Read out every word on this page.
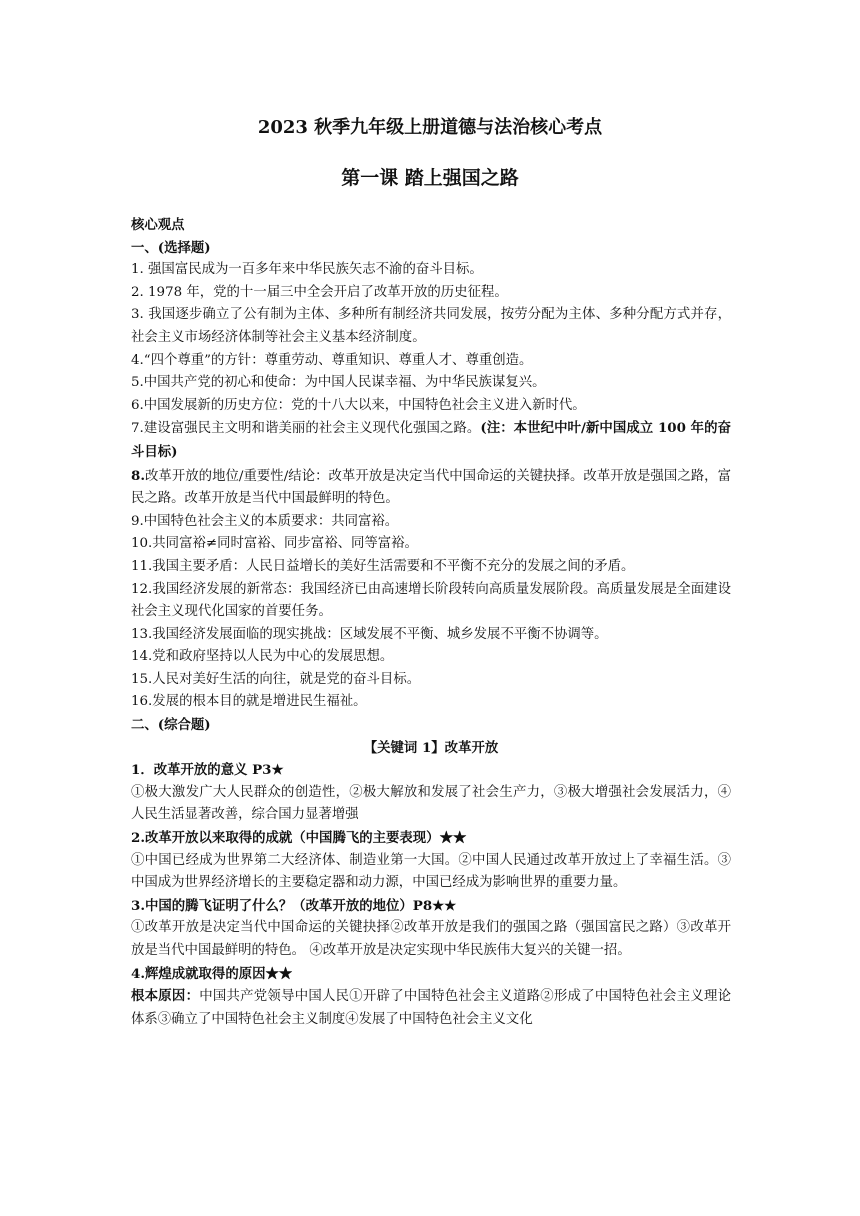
2023 秋季九年级上册道德与法治核心考点
第一课 踏上强国之路

核心观点

一、(选择题)

1. 强国富民成为一百多年来中华民族矢志不渝的奋斗目标。

2. 1978 年，党的十一届三中全会开启了改革开放的历史征程。

3. 我国逐步确立了公有制为主体、多种所有制经济共同发展，按劳分配为主体、多种分配方式并存，社会主义市场经济体制等社会主义基本经济制度。

4.“四个尊重”的方针：尊重劳动、尊重知识、尊重人才、尊重创造。

5.中国共产党的初心和使命：为中国人民谋幸福、为中华民族谋复兴。

6.中国发展新的历史方位：党的十八大以来，中国特色社会主义进入新时代。

7.建设富强民主文明和谐美丽的社会主义现代化强国之路。(注：本世纪中叶/新中国成立 100 年的奋斗目标)

8.改革开放的地位/重要性/结论：改革开放是决定当代中国命运的关键抉择。改革开放是强国之路，富民之路。改革开放是当代中国最鲜明的特色。

9.中国特色社会主义的本质要求：共同富裕。

10.共同富裕≠同时富裕、同步富裕、同等富裕。

11.我国主要矛盾：人民日益增长的美好生活需要和不平衡不充分的发展之间的矛盾。

12.我国经济发展的新常态：我国经济已由高速增长阶段转向高质量发展阶段。高质量发展是全面建设社会主义现代化国家的首要任务。

13.我国经济发展面临的现实挑战：区域发展不平衡、城乡发展不平衡不协调等。

14.党和政府坚持以人民为中心的发展思想。

15.人民对美好生活的向往，就是党的奋斗目标。

16.发展的根本目的就是增进民生福祉。

二、(综合题)

【关键词 1】改革开放

1．改革开放的意义 P3★

①极大激发广大人民群众的创造性，②极大解放和发展了社会生产力，③极大增强社会发展活力，④人民生活显著改善，综合国力显著增强

2.改革开放以来取得的成就（中国腾飞的主要表现）★★

①中国已经成为世界第二大经济体、制造业第一大国。②中国人民通过改革开放过上了幸福生活。③中国成为世界经济增长的主要稳定器和动力源，中国已经成为影响世界的重要力量。

3.中国的腾飞证明了什么？（改革开放的地位）P8★★

①改革开放是决定当代中国命运的关键抉择②改革开放是我们的强国之路（强国富民之路）③改革开放是当代中国最鲜明的特色。 ④改革开放是决定实现中华民族伟大复兴的关键一招。

4.辉煌成就取得的原因★★

根本原因：中国共产党领导中国人民①开辟了中国特色社会主义道路②形成了中国特色社会主义理论体系③确立了中国特色社会主义制度④发展了中国特色社会主义文化
